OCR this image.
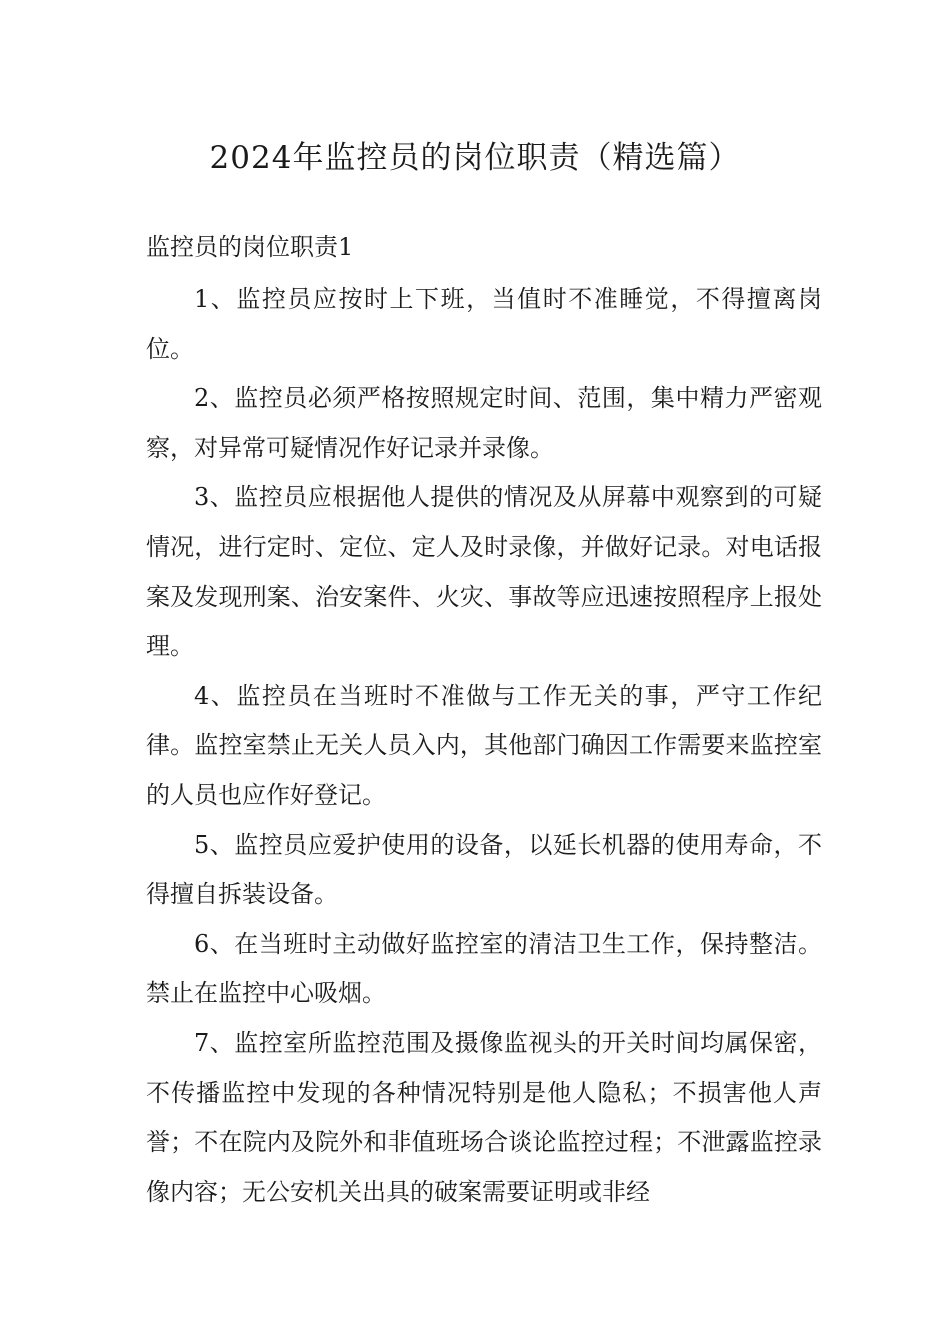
2024年监控员的岗位职责（精选篇）
监控员的岗位职责1

1、监控员应按时上下班，当值时不准睡觉，不得擅离岗位。

2、监控员必须严格按照规定时间、范围，集中精力严密观察，对异常可疑情况作好记录并录像。

3、监控员应根据他人提供的情况及从屏幕中观察到的可疑情况，进行定时、定位、定人及时录像，并做好记录。对电话报案及发现刑案、治安案件、火灾、事故等应迅速按照程序上报处理。

4、监控员在当班时不准做与工作无关的事，严守工作纪律。监控室禁止无关人员入内，其他部门确因工作需要来监控室的人员也应作好登记。

5、监控员应爱护使用的设备，以延长机器的使用寿命，不得擅自拆装设备。

6、在当班时主动做好监控室的清洁卫生工作，保持整洁。禁止在监控中心吸烟。

7、监控室所监控范围及摄像监视头的开关时间均属保密，不传播监控中发现的各种情况特别是他人隐私；不损害他人声誉；不在院内及院外和非值班场合谈论监控过程；不泄露监控录像内容；无公安机关出具的破案需要证明或非经
